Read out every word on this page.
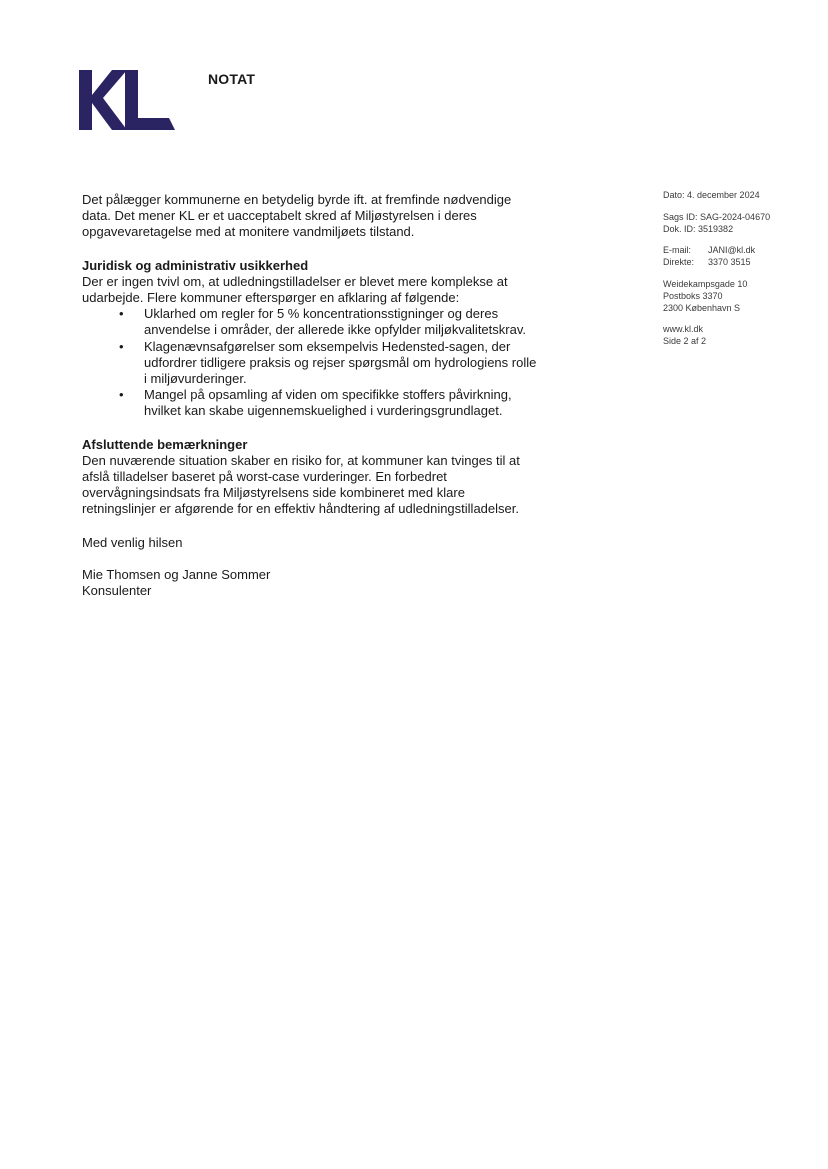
NOTAT

Det pålægger kommunerne en betydelig byrde ift. at fremfinde nødvendige
data. Det mener KL er et uacceptabelt skred af Miljøstyrelsen i deres
opgavevaretagelse med at monitere vandmiljøets tilstand.

Juridisk og administrativ usikkerhed

Der er ingen tvivl om, at udledningstilladelser er blevet mere komplekse at
udarbejde. Flere kommuner efterspørger en afklaring af følgende:

• Uklarhed om regler for 5 % koncentrationsstigninger og deres
anvendelse i områder, der allerede ikke opfylder miljøkvalitetskrav.
• Klagenævnsafgørelser som eksempelvis Hedensted-sagen, der
udfordrer tidligere praksis og rejser spørgsmål om hydrologiens rolle
i miljøvurderinger.
• Mangel på opsamling af viden om specifikke stoffers påvirkning,
hvilket kan skabe uigennemskuelighed i vurderingsgrundlaget.
Afsluttende bemærkninger

Den nuværende situation skaber en risiko for, at kommuner kan tvinges til at
afslå tilladelser baseret på worst-case vurderinger. En forbedret
overvågningsindsats fra Miljøstyrelsens side kombineret med klare
retningslinjer er afgørende for en effektiv håndtering af udledningstilladelser.

Med venlig hilsen

Mie Thomsen og Janne Sommer
Konsulenter

Dato: 4. december 2024
Sags ID: SAG-2024-04670
Dok. ID: 3519382
E-mail: JANI@kl.dk
Direkte: 3370 3515
Weidekampsgade 10
Postboks 3370
2300 København S
www.kl.dk
Side 2 af 2
